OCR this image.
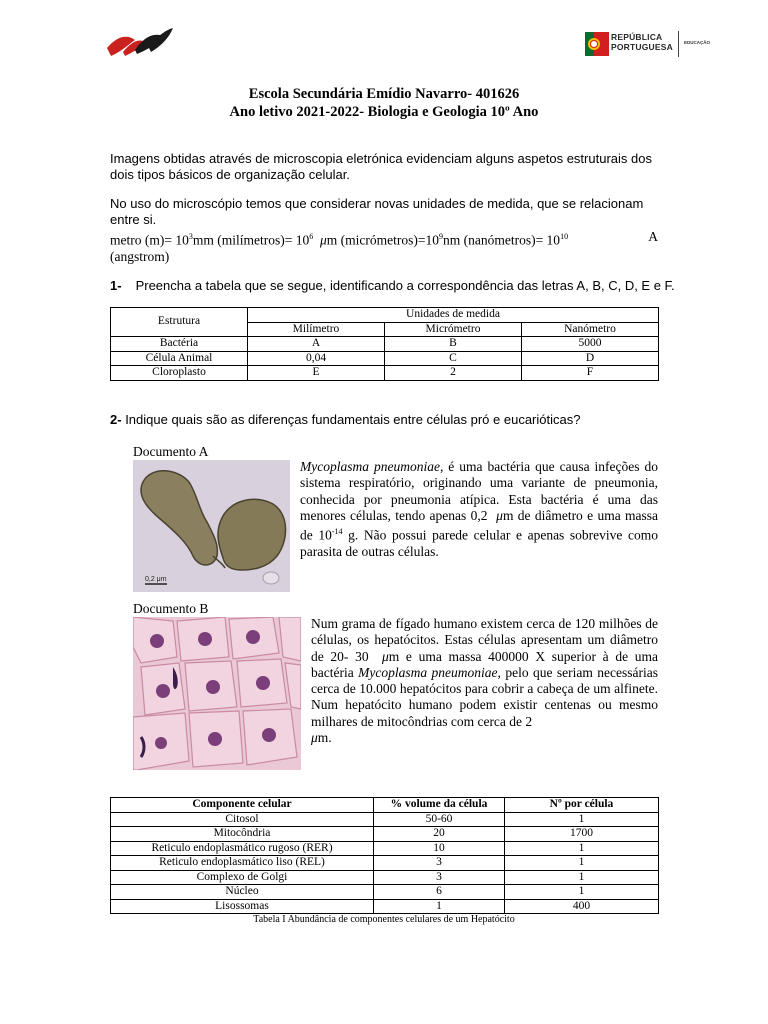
REPÚBLICA
PORTUGUESA EDUCAÇÃO
Escola Secundária Emídio Navarro- 401626
Ano letivo 2021-2022- Biologia e Geologia 10º Ano
Imagens obtidas através de microscopia eletrónica evidenciam alguns aspetos estruturais dos dois tipos básicos de organização celular.
No uso do microscópio temos que considerar novas unidades de medida, que se relacionam entre si.
metro $(m)= 10^3mm$ (milímetros)= $10^6$ μm $(micrómetros)=10^9nm$ (nanómetros)= $10^{10}$	A
(angstrom)
1- Preencha a tabela que se segue, identificando a correspondência das letras A, B, C, D, E e F.
Estrutura	Unidades de medida		
	Milímetro	Micrómetro	Nanómetro
Bactéria	A	B	5000
Célula Animal	0,04	C	D
Cloroplasto	E	2	F
2- Indique quais são as diferenças fundamentais entre células pró e eucarióticas?
Documento A
0,2 μm
Mycoplasma pneumoniae, é uma bactéria que causa infeções do sistema respiratório, originando uma variante de pneumonia, conhecida por pneumonia atípica. Esta bactéria é uma das menores células, tendo apenas 0,2 μm de diâmetro e uma massa de $10^{-14}$ g. Não possui parede celular e apenas sobrevive como parasita de outras células.
Documento B
Num grama de fígado humano existem cerca de 120 milhões de células, os hepatócitos. Estas células apresentam um diâmetro de 20- 30 μm e uma massa 400000 X superior à de uma bactéria Mycoplasma pneumoniae, pelo que seriam necessárias cerca de 10.000 hepatócitos para cobrir a cabeça de um alfinete. Num hepatócito humano podem existir centenas ou mesmo milhares de mitocôndrias com cerca de 2
μm.
Componente celular	% volume da célula	Nº por célula
Citosol	50-60	1
Mitocôndria	20	1700
Reticulo endoplasmático rugoso (RER)	10	1
Reticulo endoplasmático liso (REL)	3	1
Complexo de Golgi	3	1
Núcleo	6	1
Lisossomas	1	400
Tabela I Abundância de componentes celulares de um Hepatócito
